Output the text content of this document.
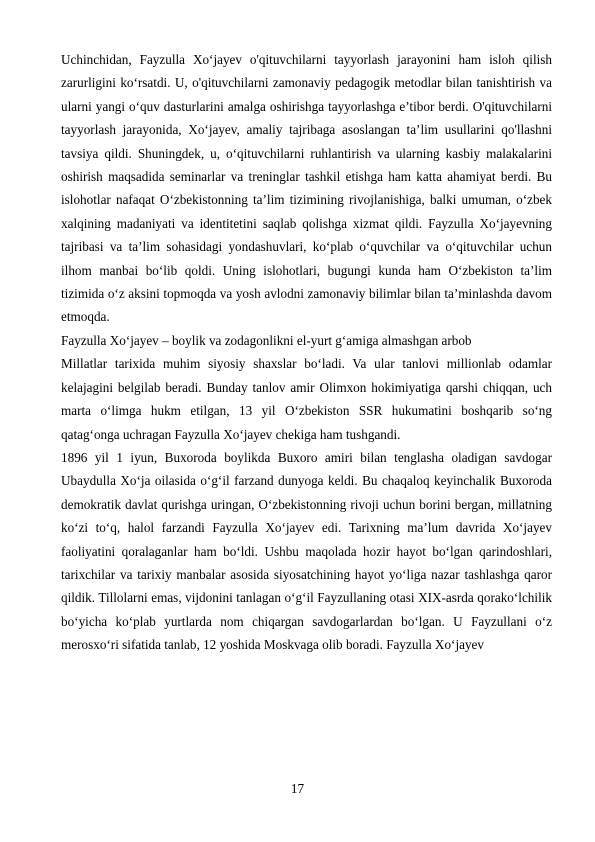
Uchinchidan, Fayzulla Xo‘jayev o'qituvchilarni tayyorlash jarayonini ham isloh qilish zarurligini ko‘rsatdi. U, o'qituvchilarni zamonaviy pedagogik metodlar bilan tanishtirish va ularni yangi o‘quv dasturlarini amalga oshirishga tayyorlashga e’tibor berdi. O'qituvchilarni tayyorlash jarayonida, Xo‘jayev, amaliy tajribaga asoslangan ta’lim usullarini qo'llashni tavsiya qildi. Shuningdek, u, o‘qituvchilarni ruhlantirish va ularning kasbiy malakalarini oshirish maqsadida seminarlar va treninglar tashkil etishga ham katta ahamiyat berdi. Bu islohotlar nafaqat O‘zbekistonning ta’lim tizimining rivojlanishiga, balki umuman, o‘zbek xalqining madaniyati va identitetini saqlab qolishga xizmat qildi. Fayzulla Xo‘jayevning tajribasi va ta’lim sohasidagi yondashuvlari, ko‘plab o‘quvchilar va o‘qituvchilar uchun ilhom manbai bo‘lib qoldi. Uning islohotlari, bugungi kunda ham O‘zbekiston ta’lim tizimida o‘z aksini topmoqda va yosh avlodni zamonaviy bilimlar bilan ta’minlashda davom etmoqda.

Fayzulla Xo‘jayev – boylik va zodagonlikni el-yurt g‘amiga almashgan arbob

Millatlar tarixida muhim siyosiy shaxslar bo‘ladi. Va ular tanlovi millionlab odamlar kelajagini belgilab beradi. Bunday tanlov amir Olimxon hokimiyatiga qarshi chiqqan, uch marta o‘limga hukm etilgan, 13 yil O‘zbekiston SSR hukumatini boshqarib so‘ng qatag‘onga uchragan Fayzulla Xo‘jayev chekiga ham tushgandi.

1896 yil 1 iyun, Buxoroda boylikda Buxoro amiri bilan tenglasha oladigan savdogar Ubaydulla Xo‘ja oilasida o‘g‘il farzand dunyoga keldi. Bu chaqaloq keyinchalik Buxoroda demokratik davlat qurishga uringan, O‘zbekistonning rivoji uchun borini bergan, millatning ko‘zi to‘q, halol farzandi Fayzulla Xo‘jayev edi. Tarixning ma’lum davrida Xo‘jayev faoliyatini qoralaganlar ham bo‘ldi. Ushbu maqolada hozir hayot bo‘lgan qarindoshlari, tarixchilar va tarixiy manbalar asosida siyosatchining hayot yo‘liga nazar tashlashga qaror qildik. Tillolarni emas, vijdonini tanlagan o‘g‘il Fayzullaning otasi XIX-asrda qorako‘lchilik bo‘yicha ko‘plab yurtlarda nom chiqargan savdogarlardan bo‘lgan. U Fayzullani o‘z merosxo‘ri sifatida tanlab, 12 yoshida Moskvaga olib boradi. Fayzulla Xo‘jayev

17
